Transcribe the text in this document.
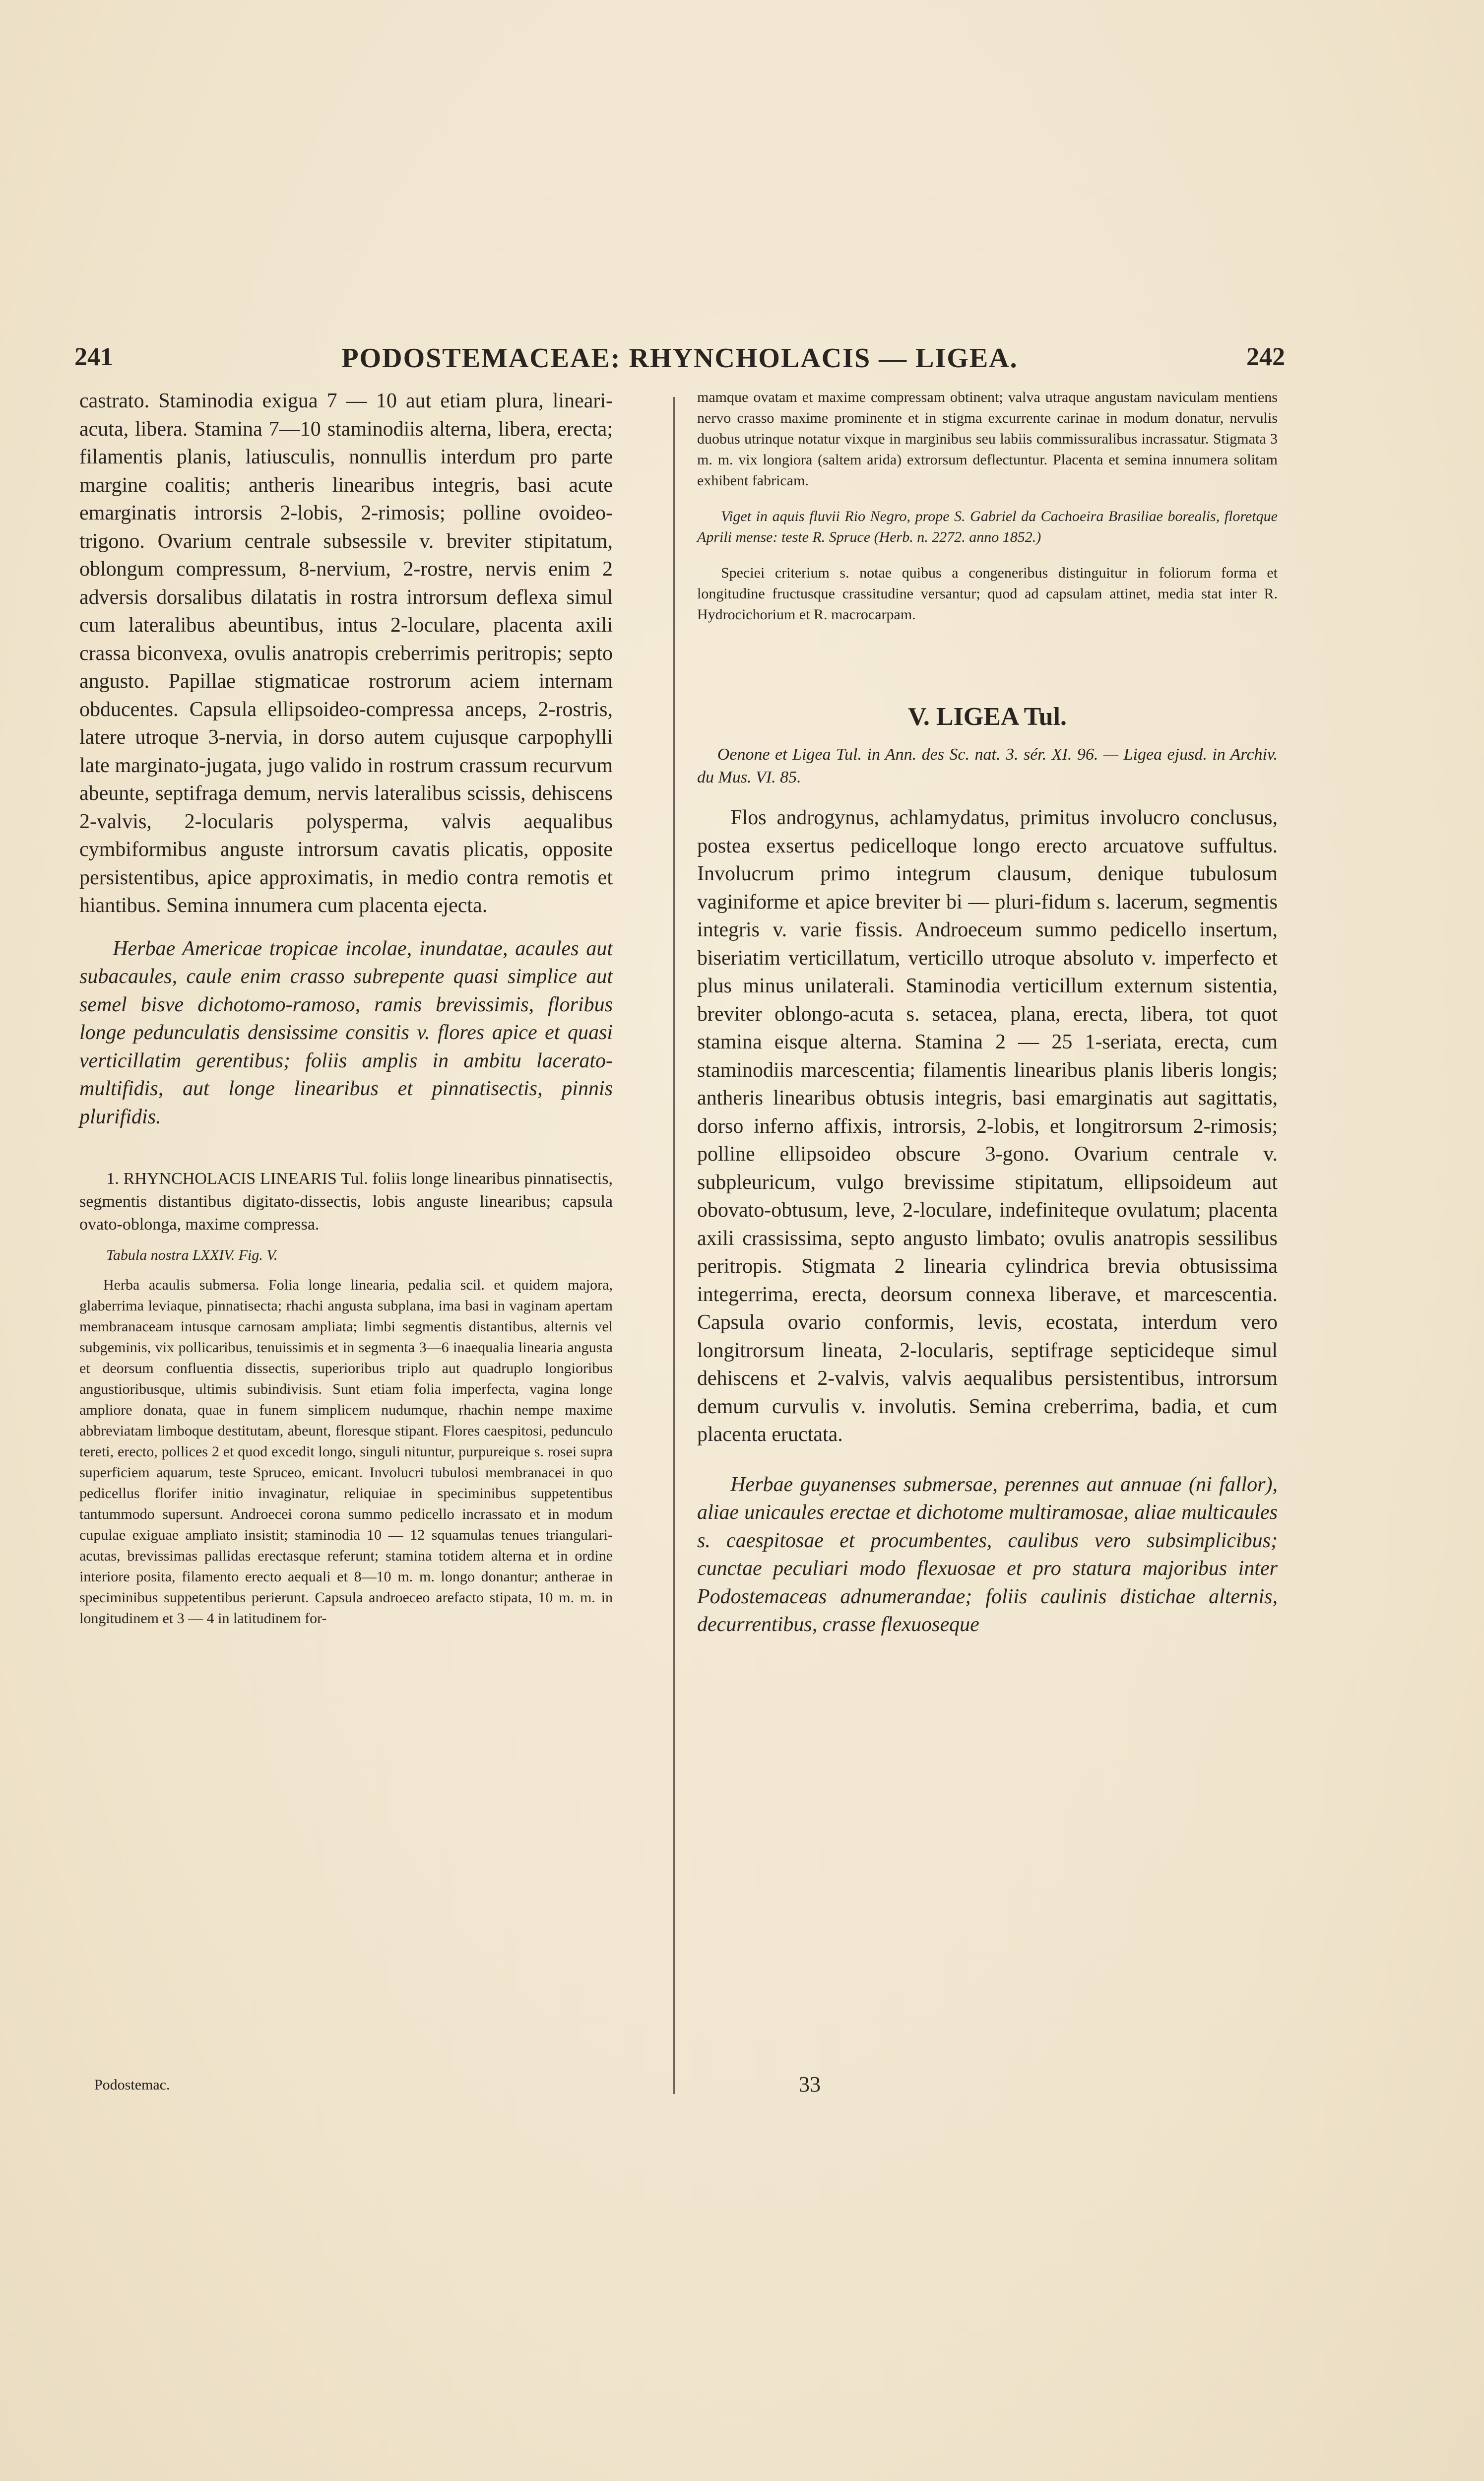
241	PODOSTEMACEAE: RHYNCHOLACIS — LIGEA.	242

castrato. Staminodia exigua 7 — 10 aut etiam plura, lineari-acuta, libera. Stamina 7—10 staminodiis alterna, libera, erecta; filamentis planis, latiusculis, nonnullis interdum pro parte margine coalitis; antheris linearibus integris, basi acute emarginatis introrsis 2-lobis, 2-rimosis; polline ovoideo-trigono. Ovarium centrale subsessile v. breviter stipitatum, oblongum compressum, 8-nervium, 2-rostre, nervis enim 2 adversis dorsalibus dilatatis in rostra introrsum deflexa simul cum lateralibus abeuntibus, intus 2-loculare, placenta axili crassa biconvexa, ovulis anatropis creberrimis peritropis; septo angusto. Papillae stigmaticae rostrorum aciem internam obducentes. Capsula ellipsoideo-compressa anceps, 2-rostris, latere utroque 3-nervia, in dorso autem cujusque carpophylli late marginato-jugata, jugo valido in rostrum crassum recurvum abeunte, septifraga demum, nervis lateralibus scissis, dehiscens 2-valvis, 2-locularis polysperma, valvis aequalibus cymbiformibus anguste introrsum cavatis plicatis, opposite persistentibus, apice approximatis, in medio contra remotis et hiantibus. Semina innumera cum placenta ejecta.

Herbae Americae tropicae incolae, inundatae, acaules aut subacaules, caule enim crasso subrepente quasi simplice aut semel bisve dichotomo-ramoso, ramis brevissimis, floribus longe pedunculatis densissime consitis v. flores apice et quasi verticillatim gerentibus; foliis amplis in ambitu lacerato-multifidis, aut longe linearibus et pinnatisectis, pinnis plurifidis.

1. RHYNCHOLACIS LINEARIS Tul. foliis longe linearibus pinnatisectis, segmentis distantibus digitato-dissectis, lobis anguste linearibus; capsula ovato-oblonga, maxime compressa.

Tabula nostra LXXIV. Fig. V.

Herba acaulis submersa. Folia longe linearia, pedalia scil. et quidem majora, glaberrima leviaque, pinnatisecta; rhachi angusta subplana, ima basi in vaginam apertam membranaceam intusque carnosam ampliata; limbi segmentis distantibus, alternis vel subgeminis, vix pollicaribus, tenuissimis et in segmenta 3—6 inaequalia linearia angusta et deorsum confluentia dissectis, superioribus triplo aut quadruplo longioribus angustioribusque, ultimis subindivisis. Sunt etiam folia imperfecta, vagina longe ampliore donata, quae in funem simplicem nudumque, rhachin nempe maxime abbreviatam limboque destitutam, abeunt, floresque stipant. Flores caespitosi, pedunculo tereti, erecto, pollices 2 et quod excedit longo, singuli nituntur, purpureique s. rosei supra superficiem aquarum, teste Spruceo, emicant. Involucri tubulosi membranacei in quo pedicellus florifer initio invaginatur, reliquiae in speciminibus suppetentibus tantummodo supersunt. Androecei corona summo pedicello incrassato et in modum cupulae exiguae ampliato insistit; staminodia 10 — 12 squamulas tenues triangulari-acutas, brevissimas pallidas erectasque referunt; stamina totidem alterna et in ordine interiore posita, filamento erecto aequali et 8—10 m. m. longo donantur; antherae in speciminibus suppetentibus perierunt. Capsula androeceo arefacto stipata, 10 m. m. in longitudinem et 3 — 4 in latitudinem for-

mamque ovatam et maxime compressam obtinent; valva utraque angustam naviculam mentiens nervo crasso maxime prominente et in stigma excurrente carinae in modum donatur, nervulis duobus utrinque notatur vixque in marginibus seu labiis commissuralibus incrassatur. Stigmata 3 m. m. vix longiora (saltem arida) extrorsum deflectuntur. Placenta et semina innumera solitam exhibent fabricam.

Viget in aquis fluvii Rio Negro, prope S. Gabriel da Cachoeira Brasiliae borealis, floretque Aprili mense: teste R. Spruce (Herb. n. 2272. anno 1852.)

Speciei criterium s. notae quibus a congeneribus distinguitur in foliorum forma et longitudine fructusque crassitudine versantur; quod ad capsulam attinet, media stat inter R. Hydrocichorium et R. macrocarpam.

V. LIGEA Tul.

Oenone et Ligea Tul. in Ann. des Sc. nat. 3. sér. XI. 96. — Ligea ejusd. in Archiv. du Mus. VI. 85.

Flos androgynus, achlamydatus, primitus involucro conclusus, postea exsertus pedicelloque longo erecto arcuatove suffultus. Involucrum primo integrum clausum, denique tubulosum vaginiforme et apice breviter bi — pluri-fidum s. lacerum, segmentis integris v. varie fissis. Androeceum summo pedicello insertum, biseriatim verticillatum, verticillo utroque absoluto v. imperfecto et plus minus unilaterali. Staminodia verticillum externum sistentia, breviter oblongo-acuta s. setacea, plana, erecta, libera, tot quot stamina eisque alterna. Stamina 2 — 25 1-seriata, erecta, cum staminodiis marcescentia; filamentis linearibus planis liberis longis; antheris linearibus obtusis integris, basi emarginatis aut sagittatis, dorso inferno affixis, introrsis, 2-lobis, et longitrorsum 2-rimosis; polline ellipsoideo obscure 3-gono. Ovarium centrale v. subpleuricum, vulgo brevissime stipitatum, ellipsoideum aut obovato-obtusum, leve, 2-loculare, indefiniteque ovulatum; placenta axili crassissima, septo angusto limbato; ovulis anatropis sessilibus peritropis. Stigmata 2 linearia cylindrica brevia obtusissima integerrima, erecta, deorsum connexa liberave, et marcescentia. Capsula ovario conformis, levis, ecostata, interdum vero longitrorsum lineata, 2-locularis, septifrage septicideque simul dehiscens et 2-valvis, valvis aequalibus persistentibus, introrsum demum curvulis v. involutis. Semina creberrima, badia, et cum placenta eructata.

Herbae guyanenses submersae, perennes aut annuae (ni fallor), aliae unicaules erectae et dichotome multiramosae, aliae multicaules s. caespitosae et procumbentes, caulibus vero subsimplicibus; cunctae peculiari modo flexuosae et pro statura majoribus inter Podostemaceas adnumerandae; foliis caulinis distichae alternis, decurrentibus, crasse flexuoseque

Podostemac.	33
